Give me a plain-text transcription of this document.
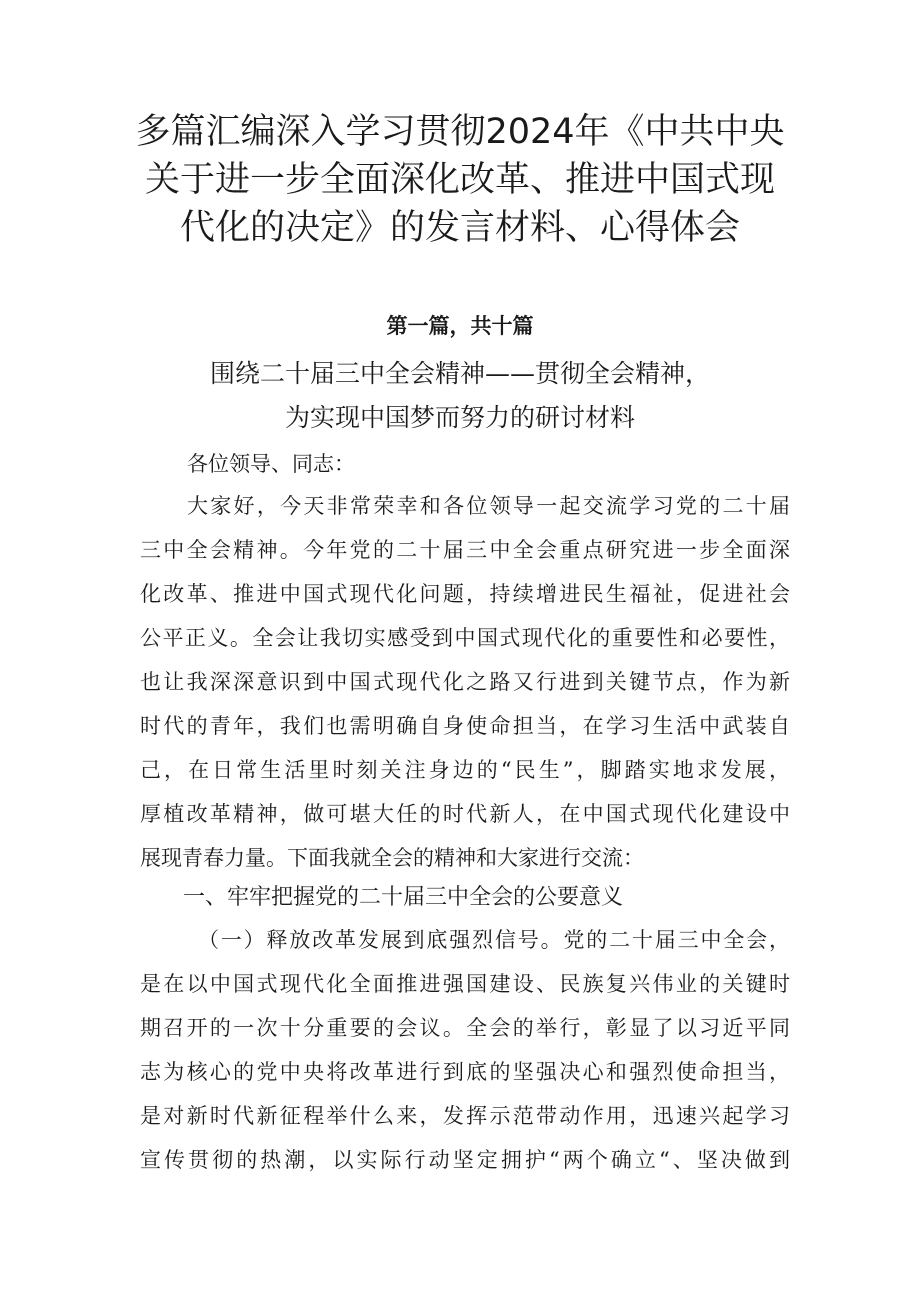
多篇汇编深入学习贯彻2024年《中共中央
关于进一步全面深化改革、推进中国式现
代化的决定》的发言材料、心得体会
第一篇，共十篇
围绕二十届三中全会精神——贯彻全会精神，
为实现中国梦而努力的研讨材料
各位领导、同志：
大家好，今天非常荣幸和各位领导一起交流学习党的二十届
三中全会精神。今年党的二十届三中全会重点研究进一步全面深
化改革、推进中国式现代化问题，持续增进民生福祉，促进社会
公平正义。全会让我切实感受到中国式现代化的重要性和必要性，
也让我深深意识到中国式现代化之路又行进到关键节点，作为新
时代的青年，我们也需明确自身使命担当，在学习生活中武装自
己，在日常生活里时刻关注身边的“民生”，脚踏实地求发展，
厚植改革精神，做可堪大任的时代新人，在中国式现代化建设中
展现青春力量。下面我就全会的精神和大家进行交流：
一、牢牢把握党的二十届三中全会的公要意义
（一）释放改革发展到底强烈信号。党的二十届三中全会，
是在以中国式现代化全面推进强国建设、民族复兴伟业的关键时
期召开的一次十分重要的会议。全会的举行，彰显了以习近平同
志为核心的党中央将改革进行到底的坚强决心和强烈使命担当，
是对新时代新征程举什么来，发挥示范带动作用，迅速兴起学习
宣传贯彻的热潮，以实际行动坚定拥护“两个确立“、坚决做到
